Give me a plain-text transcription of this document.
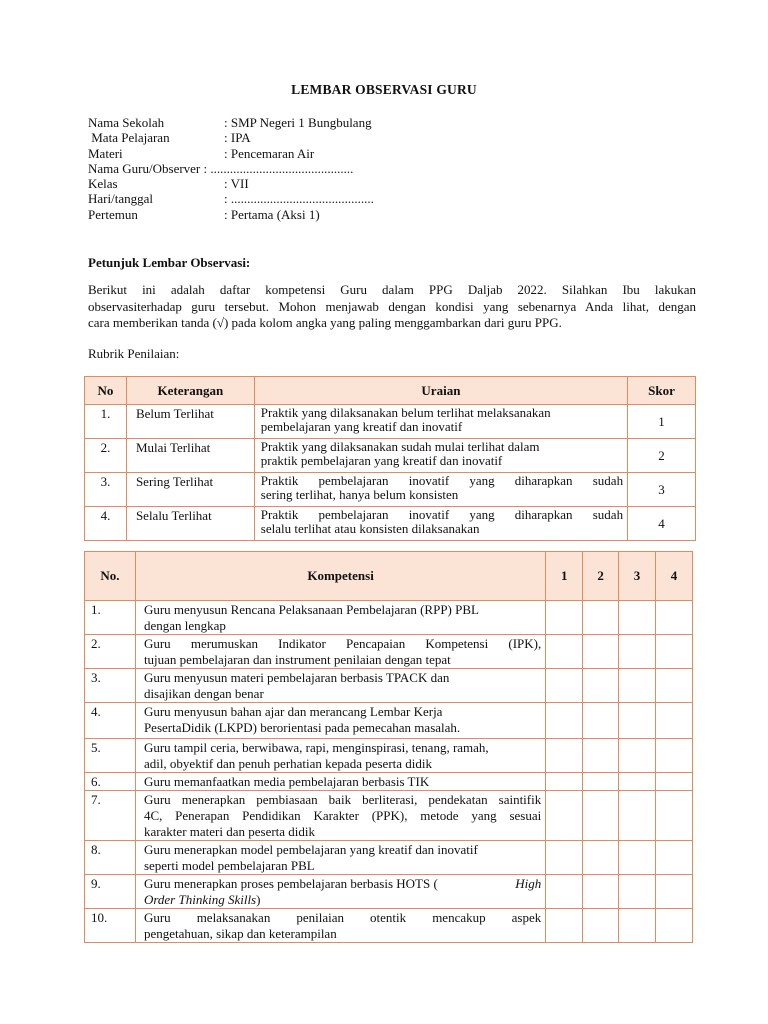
LEMBAR OBSERVASI GURU
Nama Sekolah	: SMP Negeri 1 Bungbulang
Mata Pelajaran	: IPA
Materi	: Pencemaran Air
Nama Guru/Observer : ............................................
Kelas	: VII
Hari/tanggal	: ............................................
Pertemun	: Pertama (Aksi 1)
Petunjuk Lembar Observasi:
Berikut ini adalah daftar kompetensi Guru dalam PPG Daljab 2022. Silahkan Ibu lakukan
observasiterhadap guru tersebut. Mohon menjawab dengan kondisi yang sebenarnya Anda lihat, dengan
cara memberikan tanda (√) pada kolom angka yang paling menggambarkan dari guru PPG.
Rubrik Penilaian:
No	Keterangan	Uraian	Skor
1.	Belum Terlihat	Praktik yang dilaksanakan belum terlihat melaksanakan
pembelajaran yang kreatif dan inovatif	1
2.	Mulai Terlihat	Praktik yang dilaksanakan sudah mulai terlihat dalam
praktik pembelajaran yang kreatif dan inovatif	2
3.	Sering Terlihat	Praktik pembelajaran inovatif yang diharapkan sudah
sering terlihat, hanya belum konsisten	3
4.	Selalu Terlihat	Praktik pembelajaran inovatif yang diharapkan sudah
selalu terlihat atau konsisten dilaksanakan	4
No.	Kompetensi	1	2	3	4
1.	Guru menyusun Rencana Pelaksanaan Pembelajaran (RPP) PBL
dengan lengkap				

2.	Guru merumuskan Indikator Pencapaian Kompetensi (IPK),
tujuan pembelajaran dan instrument penilaian dengan tepat				

3.	Guru menyusun materi pembelajaran berbasis TPACK dan
disajikan dengan benar				

4.	Guru menyusun bahan ajar dan merancang Lembar Kerja
PesertaDidik (LKPD) berorientasi pada pemecahan masalah.				

5.	Guru tampil ceria, berwibawa, rapi, menginspirasi, tenang, ramah,
adil, obyektif dan penuh perhatian kepada peserta didik				

6.	Guru memanfaatkan media pembelajaran berbasis TIK				

7.	Guru menerapkan pembiasaan baik berliterasi, pendekatan saintifik
4C, Penerapan Pendidikan Karakter (PPK), metode yang sesuai
karakter materi dan peserta didik				

8.	Guru menerapkan model pembelajaran yang kreatif dan inovatif
seperti model pembelajaran PBL				

9.	Guru menerapkan proses pembelajaran berbasis HOTS ( High
Order Thinking Skills)				

10.	Guru melaksanakan penilaian otentik mencakup aspek
pengetahuan, sikap dan keterampilan				
